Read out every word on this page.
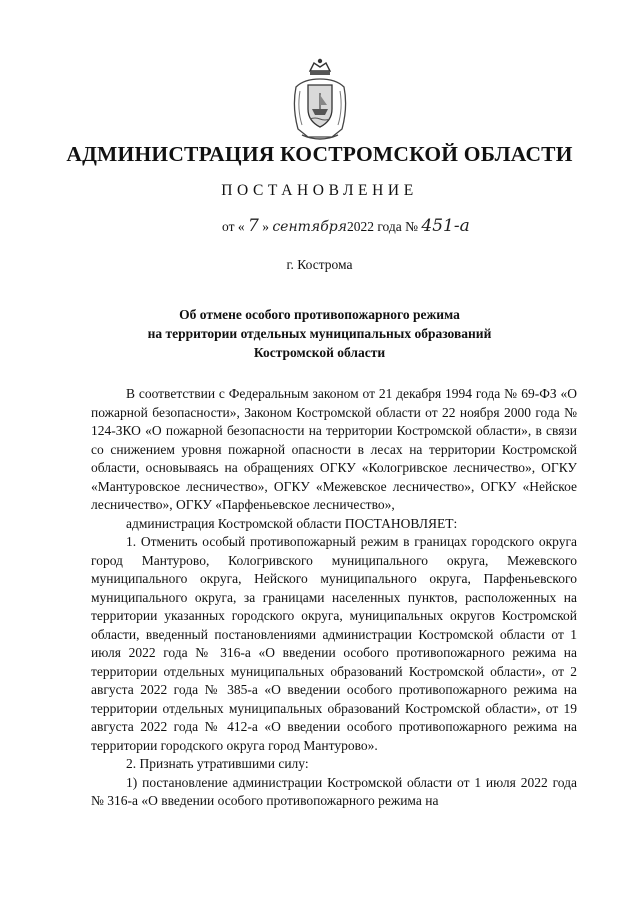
АДМИНИСТРАЦИЯ КОСТРОМСКОЙ ОБЛАСТИ
ПОСТАНОВЛЕНИЕ
от « 7 » сентября2022 года № 451-а
г. Кострома
Об отмене особого противопожарного режима
на территории отдельных муниципальных образований
Костромской области

В соответствии с Федеральным законом от 21 декабря 1994 года № 69-ФЗ «О пожарной безопасности», Законом Костромской области от 22 ноября 2000 года № 124-ЗКО «О пожарной безопасности на территории Костромской области», в связи со снижением уровня пожарной опасности в лесах на территории Костромской области, основываясь на обращениях ОГКУ «Кологривское лесничество», ОГКУ «Мантуровское лесничество», ОГКУ «Межевское лесничество», ОГКУ «Нейское лесничество», ОГКУ «Парфеньевское лесничество»,

администрация Костромской области ПОСТАНОВЛЯЕТ:

1. Отменить особый противопожарный режим в границах городского округа город Мантурово, Кологривского муниципального округа, Межевского муниципального округа, Нейского муниципального округа, Парфеньевского муниципального округа, за границами населенных пунктов, расположенных на территории указанных городского округа, муниципальных округов Костромской области, введенный постановлениями администрации Костромской области от 1 июля 2022 года № 316-а «О введении особого противопожарного режима на территории отдельных муниципальных образований Костромской области», от 2 августа 2022 года № 385-а «О введении особого противопожарного режима на территории отдельных муниципальных образований Костромской области», от 19 августа 2022 года № 412-а «О введении особого противопожарного режима на территории городского округа город Мантурово».

2. Признать утратившими силу:

1) постановление администрации Костромской области от 1 июля 2022 года № 316-а «О введении особого противопожарного режима на
